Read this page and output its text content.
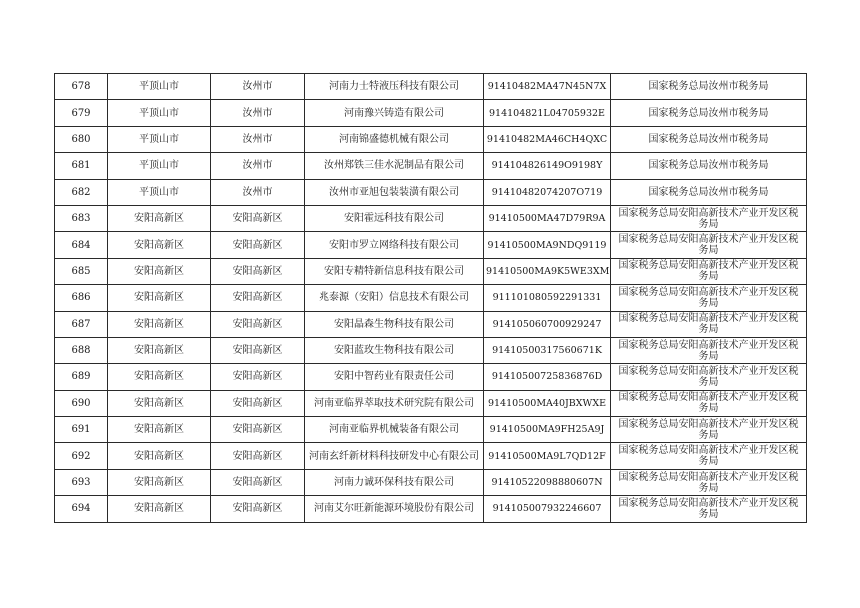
678	平顶山市	汝州市	河南力士特液压科技有限公司	91410482MA47N45N7X	国家税务总局汝州市税务局
679	平顶山市	汝州市	河南豫兴铸造有限公司	914104821L04705932E	国家税务总局汝州市税务局
680	平顶山市	汝州市	河南锦盛德机械有限公司	91410482MA46CH4QXC	国家税务总局汝州市税务局
681	平顶山市	汝州市	汝州郑铁三佳水泥制品有限公司	914104826149O9198Y	国家税务总局汝州市税务局
682	平顶山市	汝州市	汝州市亚旭包装装潢有限公司	91410482074207O719	国家税务总局汝州市税务局
683	安阳高新区	安阳高新区	安阳霍远科技有限公司	91410500MA47D79R9A	国家税务总局安阳高新技术产业开发区税务局
684	安阳高新区	安阳高新区	安阳市罗立网络科技有限公司	91410500MA9NDQ9119	国家税务总局安阳高新技术产业开发区税务局
685	安阳高新区	安阳高新区	安阳专精特新信息科技有限公司	91410500MA9K5WE3XM	国家税务总局安阳高新技术产业开发区税务局
686	安阳高新区	安阳高新区	兆泰源（安阳）信息技术有限公司	911101080592291331	国家税务总局安阳高新技术产业开发区税务局
687	安阳高新区	安阳高新区	安阳晶森生物科技有限公司	914105060700929247	国家税务总局安阳高新技术产业开发区税务局
688	安阳高新区	安阳高新区	安阳蓝玫生物科技有限公司	91410500317560671K	国家税务总局安阳高新技术产业开发区税务局
689	安阳高新区	安阳高新区	安阳中智药业有限责任公司	91410500725836876D	国家税务总局安阳高新技术产业开发区税务局
690	安阳高新区	安阳高新区	河南亚临界萃取技术研究院有限公司	91410500MA40JBXWXE	国家税务总局安阳高新技术产业开发区税务局
691	安阳高新区	安阳高新区	河南亚临界机械装备有限公司	91410500MA9FH25A9J	国家税务总局安阳高新技术产业开发区税务局
692	安阳高新区	安阳高新区	河南玄纤新材料科技研发中心有限公司	91410500MA9L7QD12F	国家税务总局安阳高新技术产业开发区税务局
693	安阳高新区	安阳高新区	河南力诚环保科技有限公司	91410522098880607N	国家税务总局安阳高新技术产业开发区税务局
694	安阳高新区	安阳高新区	河南艾尔旺新能源环境股份有限公司	914105007932246607	国家税务总局安阳高新技术产业开发区税务局
